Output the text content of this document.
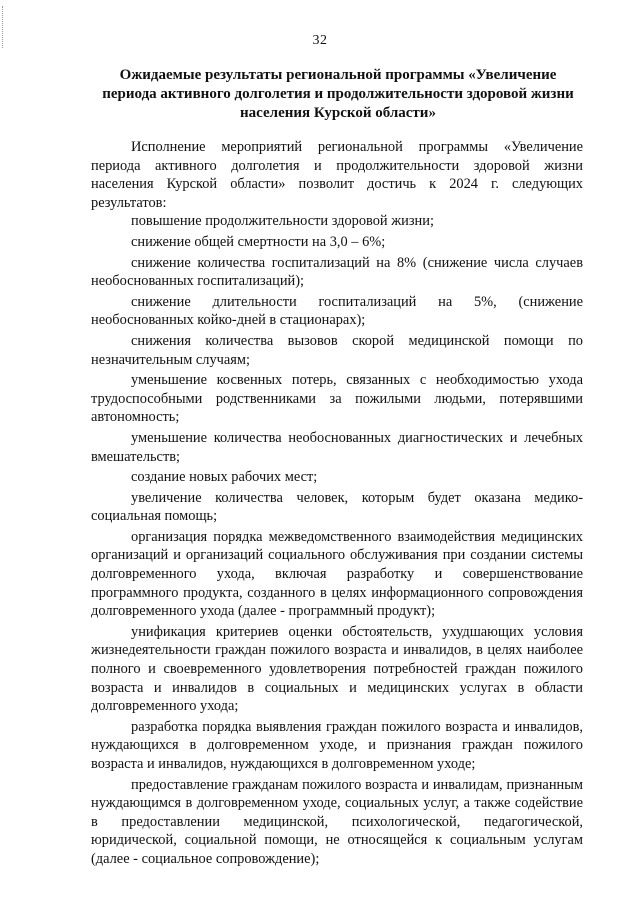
32
Ожидаемые результаты региональной программы «Увеличение
периода активного долголетия и продолжительности здоровой жизни
населения Курской области»

Исполнение мероприятий региональной программы «Увеличение периода активного долголетия и продолжительности здоровой жизни населения Курской области» позволит достичь к 2024 г. следующих результатов:

повышение продолжительности здоровой жизни;

снижение общей смертности на 3,0 – 6%;

снижение количества госпитализаций на 8% (снижение числа случаев необоснованных госпитализаций);

снижение длительности госпитализаций на 5%, (снижение необоснованных койко-дней в стационарах);

снижения количества вызовов скорой медицинской помощи по незначительным случаям;

уменьшение косвенных потерь, связанных с необходимостью ухода трудоспособными родственниками за пожилыми людьми, потерявшими автономность;

уменьшение количества необоснованных диагностических и лечебных вмешательств;

создание новых рабочих мест;

увеличение количества человек, которым будет оказана медико-социальная помощь;

организация порядка межведомственного взаимодействия медицинских организаций и организаций социального обслуживания при создании системы долговременного ухода, включая разработку и совершенствование программного продукта, созданного в целях информационного сопровождения долговременного ухода (далее - программный продукт);

унификация критериев оценки обстоятельств, ухудшающих условия жизнедеятельности граждан пожилого возраста и инвалидов, в целях наиболее полного и своевременного удовлетворения потребностей граждан пожилого возраста и инвалидов в социальных и медицинских услугах в области долговременного ухода;

разработка порядка выявления граждан пожилого возраста и инвалидов, нуждающихся в долговременном уходе, и признания граждан пожилого возраста и инвалидов, нуждающихся в долговременном уходе;

предоставление гражданам пожилого возраста и инвалидам, признанным нуждающимся в долговременном уходе, социальных услуг, а также содействие в предоставлении медицинской, психологической, педагогической, юридической, социальной помощи, не относящейся к социальным услугам (далее - социальное сопровождение);
